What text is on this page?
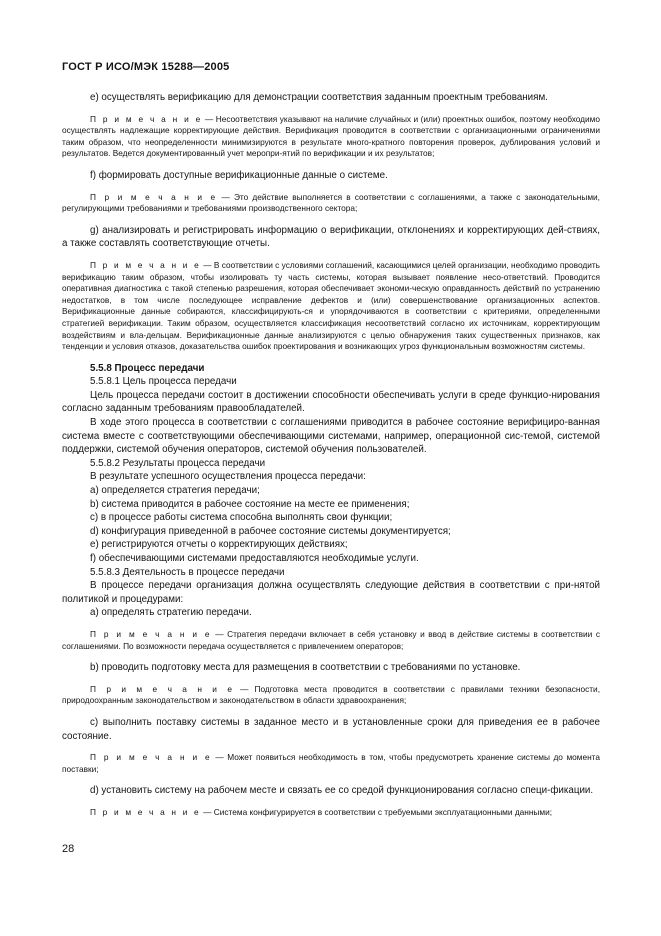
ГОСТ Р ИСО/МЭК 15288—2005

e) осуществлять верификацию для демонстрации соответствия заданным проектным требованиям.

П р и м е ч а н и е — Несоответствия указывают на наличие случайных и (или) проектных ошибок, поэтому необходимо осуществлять надлежащие корректирующие действия. Верификация проводится в соответствии с организационными ограничениями таким образом, что неопределенности минимизируются в результате много-кратного повторения проверок, дублирования условий и результатов. Ведется документированный учет меропри-ятий по верификации и их результатов;

f) формировать доступные верификационные данные о системе.

П р и м е ч а н и е — Это действие выполняется в соответствии с соглашениями, а также с законодательными, регулирующими требованиями и требованиями производственного сектора;

g) анализировать и регистрировать информацию о верификации, отклонениях и корректирующих дей-ствиях, а также составлять соответствующие отчеты.

П р и м е ч а н и е — В соответствии с условиями соглашений, касающимися целей организации, необходимо проводить верификацию таким образом, чтобы изолировать ту часть системы, которая вызывает появление несо-ответствий. Проводится оперативная диагностика с такой степенью разрешения, которая обеспечивает экономи-ческую оправданность действий по устранению недостатков, в том числе последующее исправление дефектов и (или) совершенствование организационных аспектов. Верификационные данные собираются, классифицирують-ся и упорядочиваются в соответствии с критериями, определенными стратегией верификации. Таким образом, осуществляется классификация несоответствий согласно их источникам, корректирующим воздействиям и вла-дельцам. Верификационные данные анализируются с целью обнаружения таких существенных признаков, как тенденции и условия отказов, доказательства ошибок проектирования и возникающих угроз функциональным возможностям системы.

5.5.8 Процесс передачи

5.5.8.1 Цель процесса передачи

Цель процесса передачи состоит в достижении способности обеспечивать услуги в среде функцио-нирования согласно заданным требованиям правообладателей.

В ходе этого процесса в соответствии с соглашениями приводится в рабочее состояние верифициро-ванная система вместе с соответствующими обеспечивающими системами, например, операционной сис-темой, системой поддержки, системой обучения операторов, системой обучения пользователей.

5.5.8.2 Результаты процесса передачи

В результате успешного осуществления процесса передачи:

a) определяется стратегия передачи;

b) система приводится в рабочее состояние на месте ее применения;

c) в процессе работы система способна выполнять свои функции;

d) конфигурация приведенной в рабочее состояние системы документируется;

e) регистрируются отчеты о корректирующих действиях;

f) обеспечивающими системами предоставляются необходимые услуги.

5.5.8.3 Деятельность в процессе передачи

В процессе передачи организация должна осуществлять следующие действия в соответствии с при-нятой политикой и процедурами:

a) определять стратегию передачи.

П р и м е ч а н и е — Стратегия передачи включает в себя установку и ввод в действие системы в соответствии с соглашениями. По возможности передача осуществляется с привлечением операторов;

b) проводить подготовку места для размещения в соответствии с требованиями по установке.

П р и м е ч а н и е — Подготовка места проводится в соответствии с правилами техники безопасности, природоохранным законодательством и законодательством в области здравоохранения;

c) выполнить поставку системы в заданное место и в установленные сроки для приведения ее в рабочее состояние.

П р и м е ч а н и е — Может появиться необходимость в том, чтобы предусмотреть хранение системы до момента поставки;

d) установить систему на рабочем месте и связать ее со средой функционирования согласно специ-фикации.

П р и м е ч а н и е — Система конфигурируется в соответствии с требуемыми эксплуатационными данными;

28
